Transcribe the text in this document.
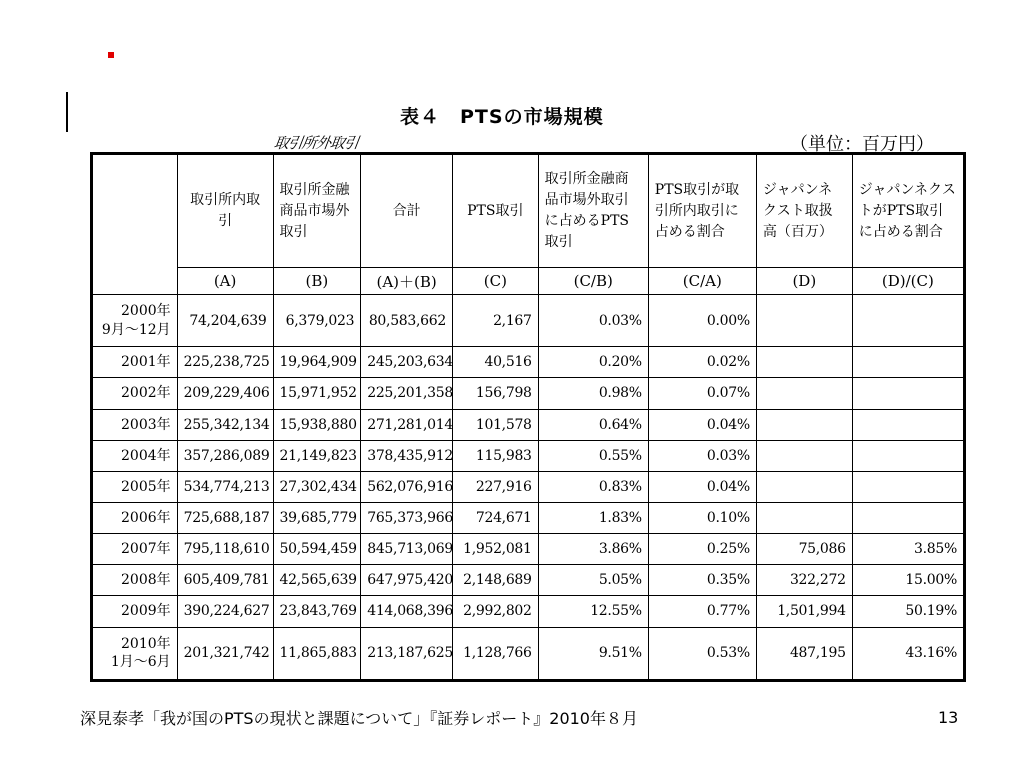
表４　PTSの市場規模
取引所外取引	（単位：百万円）
	取引所内取引	取引所金融商品市場外取引	合計	PTS取引	取引所金融商品市場外取引に占めるPTS取引	PTS取引が取引所内取引に占める割合	ジャパンネクスト取扱高（百万）	ジャパンネクストがPTS取引に占める割合
	(A)	(B)	(A)＋(B)	(C)	(C/B)	(C/A)	(D)	(D)/(C)
2000年
9月～12月	74,204,639	6,379,023	80,583,662	2,167	0.03%	0.00%		
2001年	225,238,725	19,964,909	245,203,634	40,516	0.20%	0.02%		
2002年	209,229,406	15,971,952	225,201,358	156,798	0.98%	0.07%		
2003年	255,342,134	15,938,880	271,281,014	101,578	0.64%	0.04%		
2004年	357,286,089	21,149,823	378,435,912	115,983	0.55%	0.03%		
2005年	534,774,213	27,302,434	562,076,916	227,916	0.83%	0.04%		
2006年	725,688,187	39,685,779	765,373,966	724,671	1.83%	0.10%		
2007年	795,118,610	50,594,459	845,713,069	1,952,081	3.86%	0.25%	75,086	3.85%
2008年	605,409,781	42,565,639	647,975,420	2,148,689	5.05%	0.35%	322,272	15.00%
2009年	390,224,627	23,843,769	414,068,396	2,992,802	12.55%	0.77%	1,501,994	50.19%
2010年
1月～6月	201,321,742	11,865,883	213,187,625	1,128,766	9.51%	0.53%	487,195	43.16%
深見泰孝「我が国のPTSの現状と課題について」『証券レポート』2010年８月	13
